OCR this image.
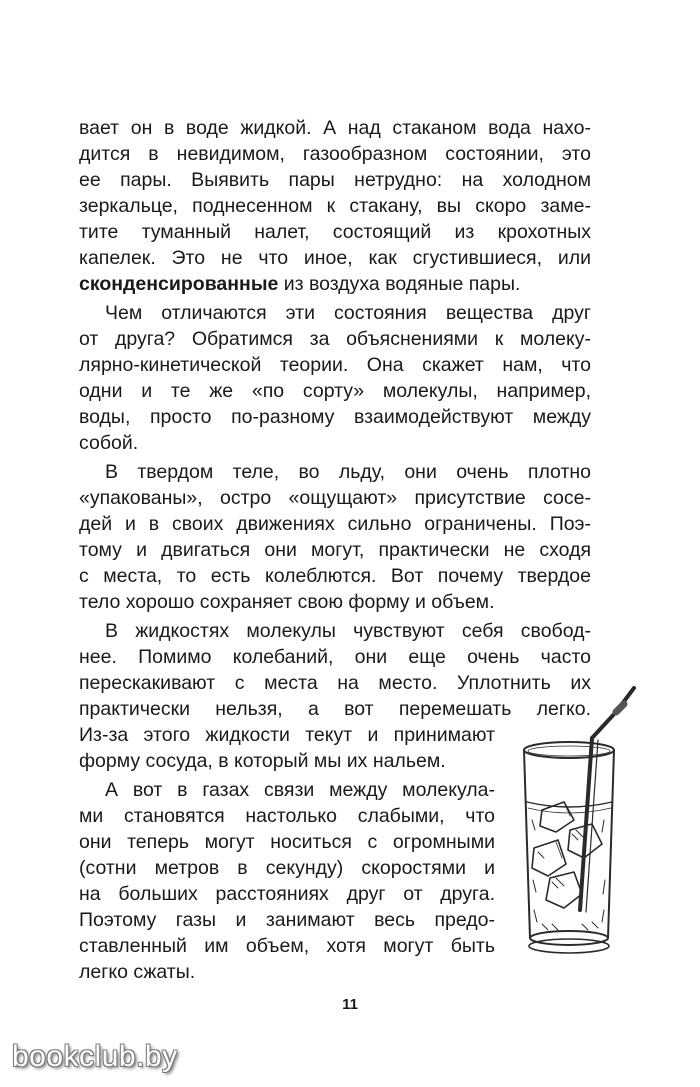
вает он в воде жидкой. А над стаканом вода нахо-
дится в невидимом, газообразном состоянии, это
ее пары. Выявить пары нетрудно: на холодном
зеркальце, поднесенном к стакану, вы скоро заме-
тите туманный налет, состоящий из крохотных
капелек. Это не что иное, как сгустившиеся, или
сконденсированные из воздуха водяные пары.
Чем отличаются эти состояния вещества друг
от друга? Обратимся за объяснениями к молеку-
лярно-кинетической теории. Она скажет нам, что
одни и те же «по сорту» молекулы, например,
воды, просто по-разному взаимодействуют между
собой.
В твердом теле, во льду, они очень плотно
«упакованы», остро «ощущают» присутствие сосе-
дей и в своих движениях сильно ограничены. Поэ-
тому и двигаться они могут, практически не сходя
с места, то есть колеблются. Вот почему твердое
тело хорошо сохраняет свою форму и объем.
В жидкостях молекулы чувствуют себя свобод-
нее. Помимо колебаний, они еще очень часто
перескакивают с места на место. Уплотнить их
практически нельзя, а вот перемешать легко.
Из-за этого жидкости текут и принимают
форму сосуда, в который мы их нальем.
А вот в газах связи между молекула-
ми становятся настолько слабыми, что
они теперь могут носиться с огромными
(сотни метров в секунду) скоростями и
на больших расстояниях друг от друга.
Поэтому газы и занимают весь предо-
ставленный им объем, хотя могут быть
легко сжаты.
11
bookclub.by
